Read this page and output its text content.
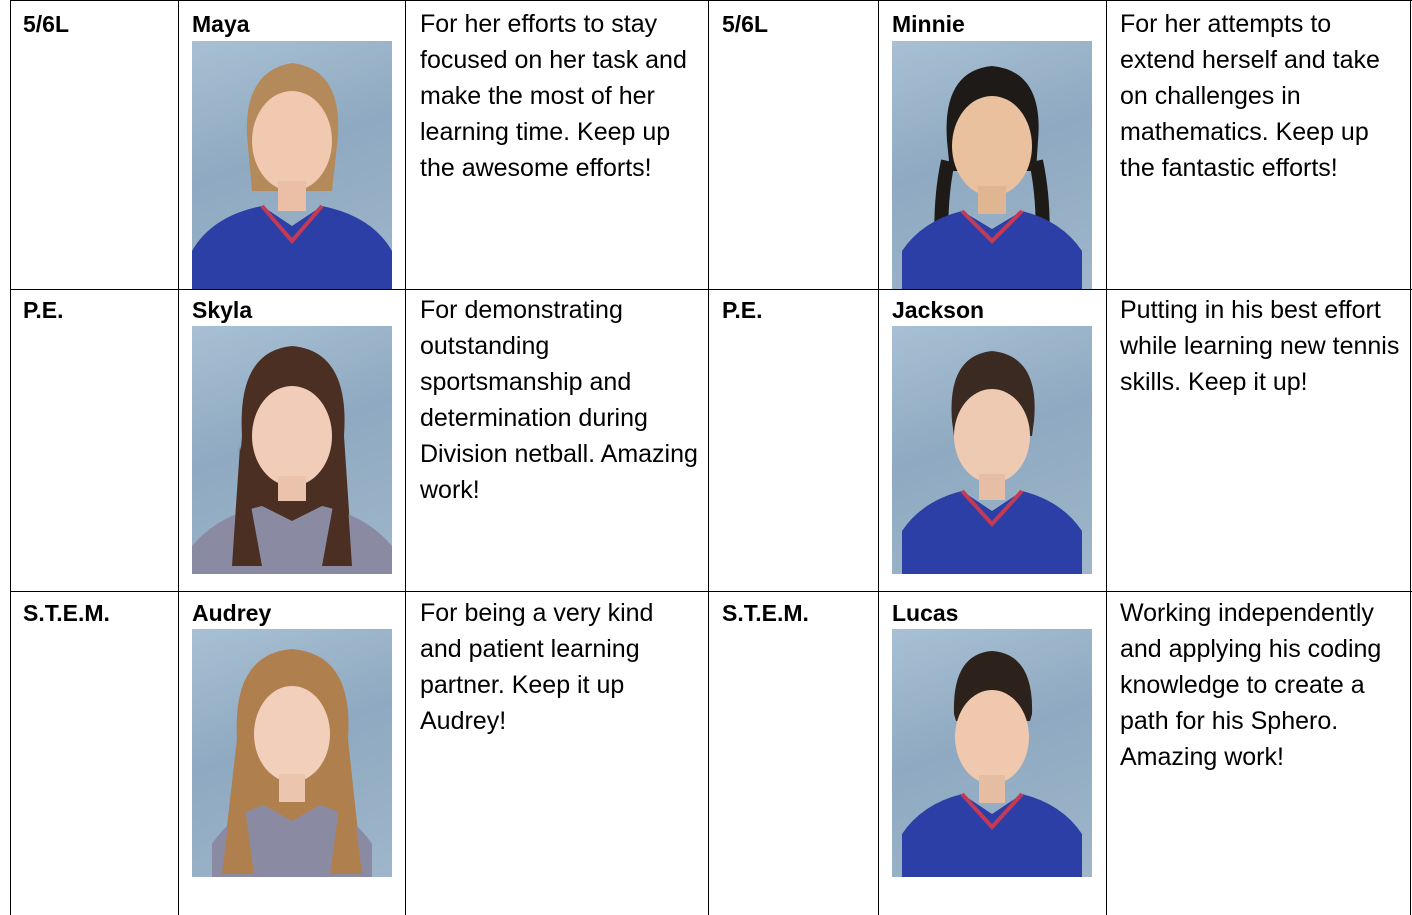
5/6L	Maya	For her efforts to stay focused on her task and make the most of her learning time. Keep up the awesome efforts!
5/6L	Minnie	For her attempts to extend herself and take on challenges in mathematics. Keep up the fantastic efforts!
P.E.	Skyla	For demonstrating outstanding sportsmanship and determination during Division netball. Amazing work!
P.E.	Jackson	Putting in his best effort while learning new tennis skills. Keep it up!
S.T.E.M.	Audrey	For being a very kind and patient learning partner. Keep it up Audrey!
S.T.E.M.	Lucas	Working independently and applying his coding knowledge to create a path for his Sphero. Amazing work!
